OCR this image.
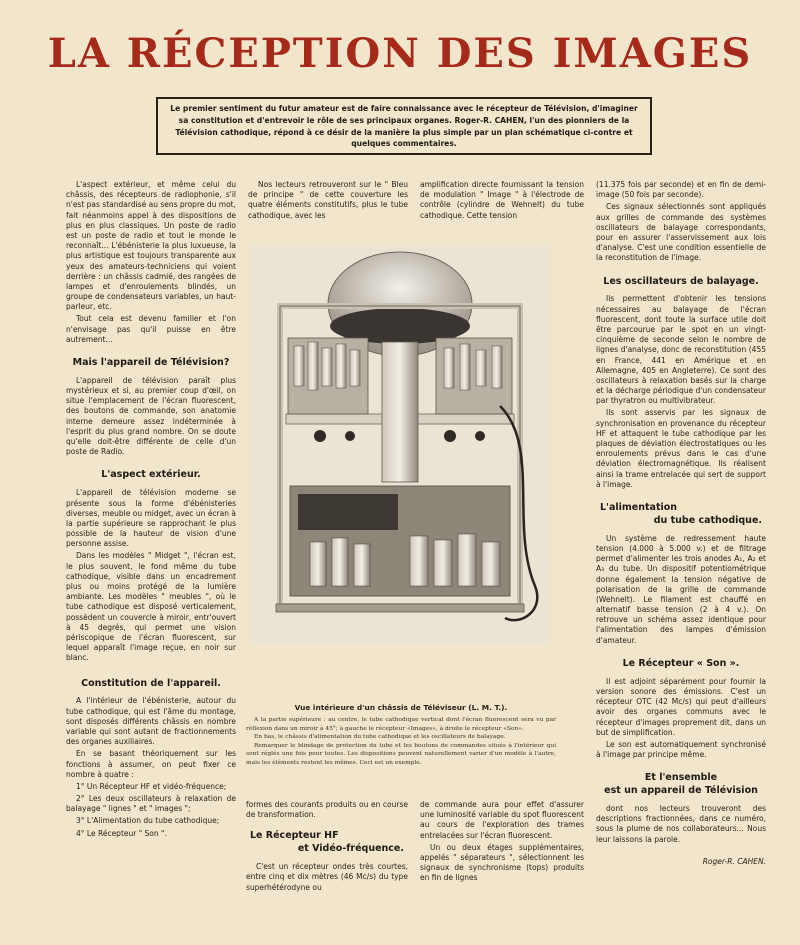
LA RÉCEPTION DES IMAGES
Le premier sentiment du futur amateur est de faire connaissance avec le récepteur de Télévision, d'imaginer sa constitution et d'entrevoir le rôle de ses principaux organes. Roger-R. CAHEN, l'un des pionniers de la Télévision cathodique, répond à ce désir de la manière la plus simple par un plan schématique ci-contre et quelques commentaires.

L'aspect extérieur, et même celui du châssis, des récepteurs de radiophonie, s'il n'est pas standardisé au sens propre du mot, fait néanmoins appel à des dispositions de plus en plus classiques. Un poste de radio est un poste de radio et tout le monde le reconnaît... L'ébénisterie la plus luxueuse, la plus artistique est toujours transparente aux yeux des amateurs-techniciens qui voient derrière : un châssis cadmié, des rangées de lampes et d'enroulements blindés, un groupe de condensateurs variables, un haut-parleur, etc.

Tout cela est devenu familier et l'on n'envisage pas qu'il puisse en être autrement...

Mais l'appareil de Télévision?

L'appareil de télévision paraît plus mystérieux et si, au premier coup d'œil, on situe l'emplacement de l'écran fluorescent, des boutons de commande, son anatomie interne demeure assez indéterminée à l'esprit du plus grand nombre. On se doute qu'elle doit-être différente de celle d'un poste de Radio.

L'aspect extérieur.

L'appareil de télévision moderne se présente sous la forme d'ébénisteries diverses, meuble ou midget, avec un écran à la partie supérieure se rapprochant le plus possible de la hauteur de vision d'une personne assise.

Dans les modèles " Midget ", l'écran est, le plus souvent, le fond même du tube cathodique, visible dans un encadrement plus ou moins protégé de la lumière ambiante. Les modèles " meubles ", où le tube cathodique est disposé verticalement, possèdent un couvercle à miroir, entr'ouvert à 45 degrés, qui permet une vision périscopique de l'écran fluorescent, sur lequel apparaît l'image reçue, en noir sur blanc.

Constitution de l'appareil.

A l'intérieur de l'ébénisterie, autour du tube cathodique, qui est l'âme du montage, sont disposés différents châssis en nombre variable qui sont autant de fractionnements des organes auxiliaires.

En se basant théoriquement sur les fonctions à assumer, on peut fixer ce nombre à quatre :

1° Un Récepteur HF et vidéo-fréquence;

2° Les deux oscillateurs à relaxation de balayage " lignes " et " images ";

3° L'Alimentation du tube cathodique;

4° Le Récepteur " Son ".

Nos lecteurs retrouveront sur le " Bleu de principe " de cette couverture les quatre éléments constitutifs, plus le tube cathodique, avec les

amplification directe fournissant la tension de modulation " Image " à l'électrode de contrôle (cylindre de Wehnelt) du tube cathodique. Cette tension

Vue intérieure d'un châssis de Téléviseur (L. M. T.).

A la partie supérieure : au centre, le tube cathodique vertical dont l'écran fluorescent sera vu par réflexion dans un miroir à 45°; à gauche le récepteur «Images», à droite le récepteur «Son».

En bas, le châssis d'alimentation du tube cathodique et les oscillateurs de balayage.

Remarquer le blindage de protection du tube et les boutons de commandes situés à l'intérieur qui sont réglés une fois pour toutes. Les dispositions peuvent naturellement varier d'un modèle à l'autre, mais les éléments restent les mêmes. Ceci est un exemple.

formes des courants produits ou en course de transformation.

Le Récepteur HF
et Vidéo-fréquence.

C'est un récepteur ondes très courtes, entre cinq et dix mètres (46 Mc/s) du type superhétérodyne ou

de commande aura pour effet d'assurer une luminosité variable du spot fluorescent au cours de l'exploration des trames entrelacées sur l'écran fluorescent.

Un ou deux étages supplémentaires, appelés " séparateurs ", sélectionnent les signaux de synchronisme (tops) produits en fin de lignes

(11.375 fois par seconde) et en fin de demi-image (50 fois par seconde).

Ces signaux sélectionnés sont appliqués aux grilles de commande des systèmes oscillateurs de balayage correspondants, pour en assurer l'asservissement aux lois d'analyse. C'est une condition essentielle de la reconstitution de l'image.

Les oscillateurs de balayage.

Ils permettent d'obtenir les tensions nécessaires au balayage de l'écran fluorescent, dont toute la surface utile doit être parcourue par le spot en un vingt-cinquième de seconde selon le nombre de lignes d'analyse, donc de reconstitution (455 en France, 441 en Amérique et en Allemagne, 405 en Angleterre). Ce sont des oscillateurs à relaxation basés sur la charge et la décharge périodique d'un condensateur par thyratron ou multivibrateur.

Ils sont asservis par les signaux de synchronisation en provenance du récepteur HF et attaquent le tube cathodique par les plaques de déviation électrostatiques ou les enroulements prévus dans le cas d'une déviation électromagnétique. Ils réalisent ainsi la trame entrelacée qui sert de support à l'image.

L'alimentation
du tube cathodique.

Un système de redressement haute tension (4.000 à 5.000 v.) et de filtrage permet d'alimenter les trois anodes A₁, A₂ et A₃ du tube. Un dispositif potentiométrique donne également la tension négative de polarisation de la grille de commande (Wehnelt). Le filament est chauffé en alternatif basse tension (2 à 4 v.). On retrouve un schéma assez identique pour l'alimentation des lampes d'émission d'amateur.

Le Récepteur « Son ».

Il est adjoint séparément pour fournir la version sonore des émissions. C'est un récepteur OTC (42 Mc/s) qui peut d'ailleurs avoir des organes communs avec le récepteur d'images proprement dit, dans un but de simplification.

Le son est automatiquement synchronisé à l'image par principe même.

Et l'ensemble
est un appareil de Télévision

dont nos lecteurs trouveront des descriptions fractionnées, dans ce numéro, sous la plume de nos collaborateurs... Nous leur laissons la parole.

Roger-R. CAHEN.
